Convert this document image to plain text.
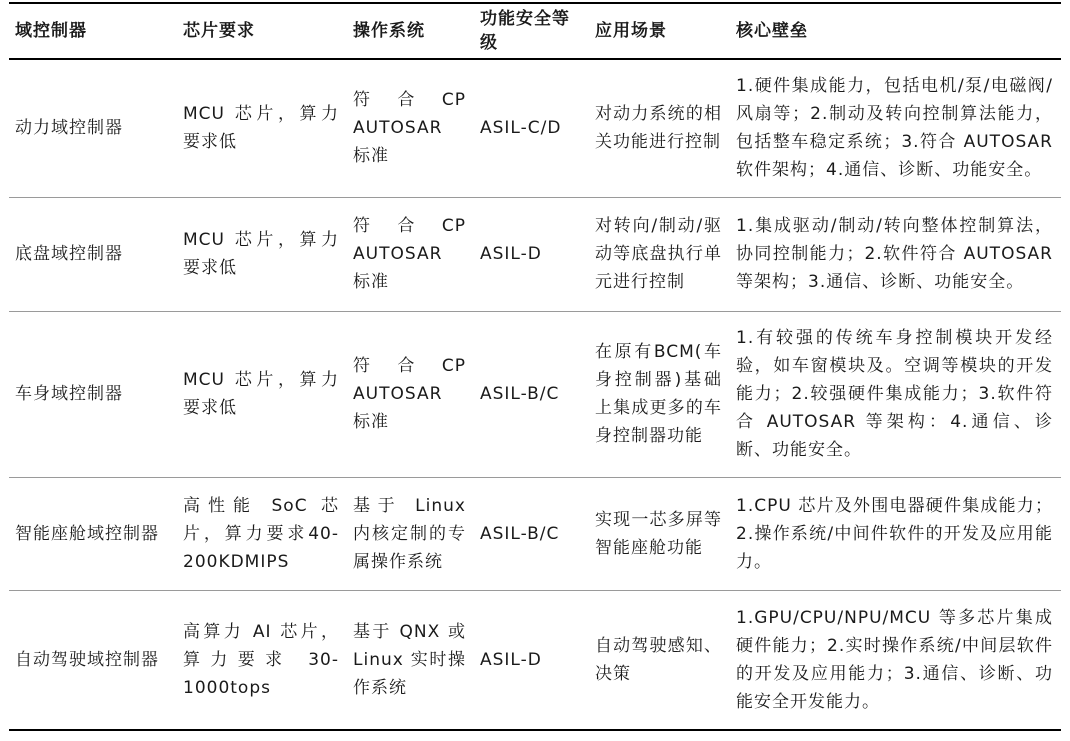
域控制器	芯片要求	操作系统	功能安全等级	应用场景	核心壁垒
动力域控制器	MCU 芯片，算力要求低	符 合 CP AUTOSAR 标准	ASIL-C/D	对动力系统的相关功能进行控制	1.硬件集成能力，包括电机/泵/电磁阀/风扇等；2.制动及转向控制算法能力，包括整车稳定系统；3.符合 AUTOSAR 软件架构；4.通信、诊断、功能安全。
底盘域控制器	MCU 芯片，算力要求低	符 合 CP AUTOSAR 标准	ASIL-D	对转向/制动/驱动等底盘执行单元进行控制	1.集成驱动/制动/转向整体控制算法，协同控制能力；2.软件符合 AUTOSAR 等架构；3.通信、诊断、功能安全。
车身域控制器	MCU 芯片，算力要求低	符 合 CP AUTOSAR 标准	ASIL-B/C	在原有BCM(车身控制器)基础上集成更多的车身控制器功能	1.有较强的传统车身控制模块开发经验，如车窗模块及。空调等模块的开发能力；2.较强硬件集成能力；3.软件符合 AUTOSAR 等架构：4.通信、诊断、功能安全。
智能座舱域控制器	高性能 SoC 芯片，算力要求40-200KDMIPS	基于 Linux 内核定制的专属操作系统	ASIL-B/C	实现一芯多屏等智能座舱功能	1.CPU 芯片及外围电器硬件集成能力；2.操作系统/中间件软件的开发及应用能力。
自动驾驶域控制器	高算力 AI 芯片，算力要求 30-1000tops	基于 QNX 或 Linux 实时操作系统	ASIL-D	自动驾驶感知、决策	1.GPU/CPU/NPU/MCU 等多芯片集成硬件能力；2.实时操作系统/中间层软件的开发及应用能力；3.通信、诊断、功能安全开发能力。
